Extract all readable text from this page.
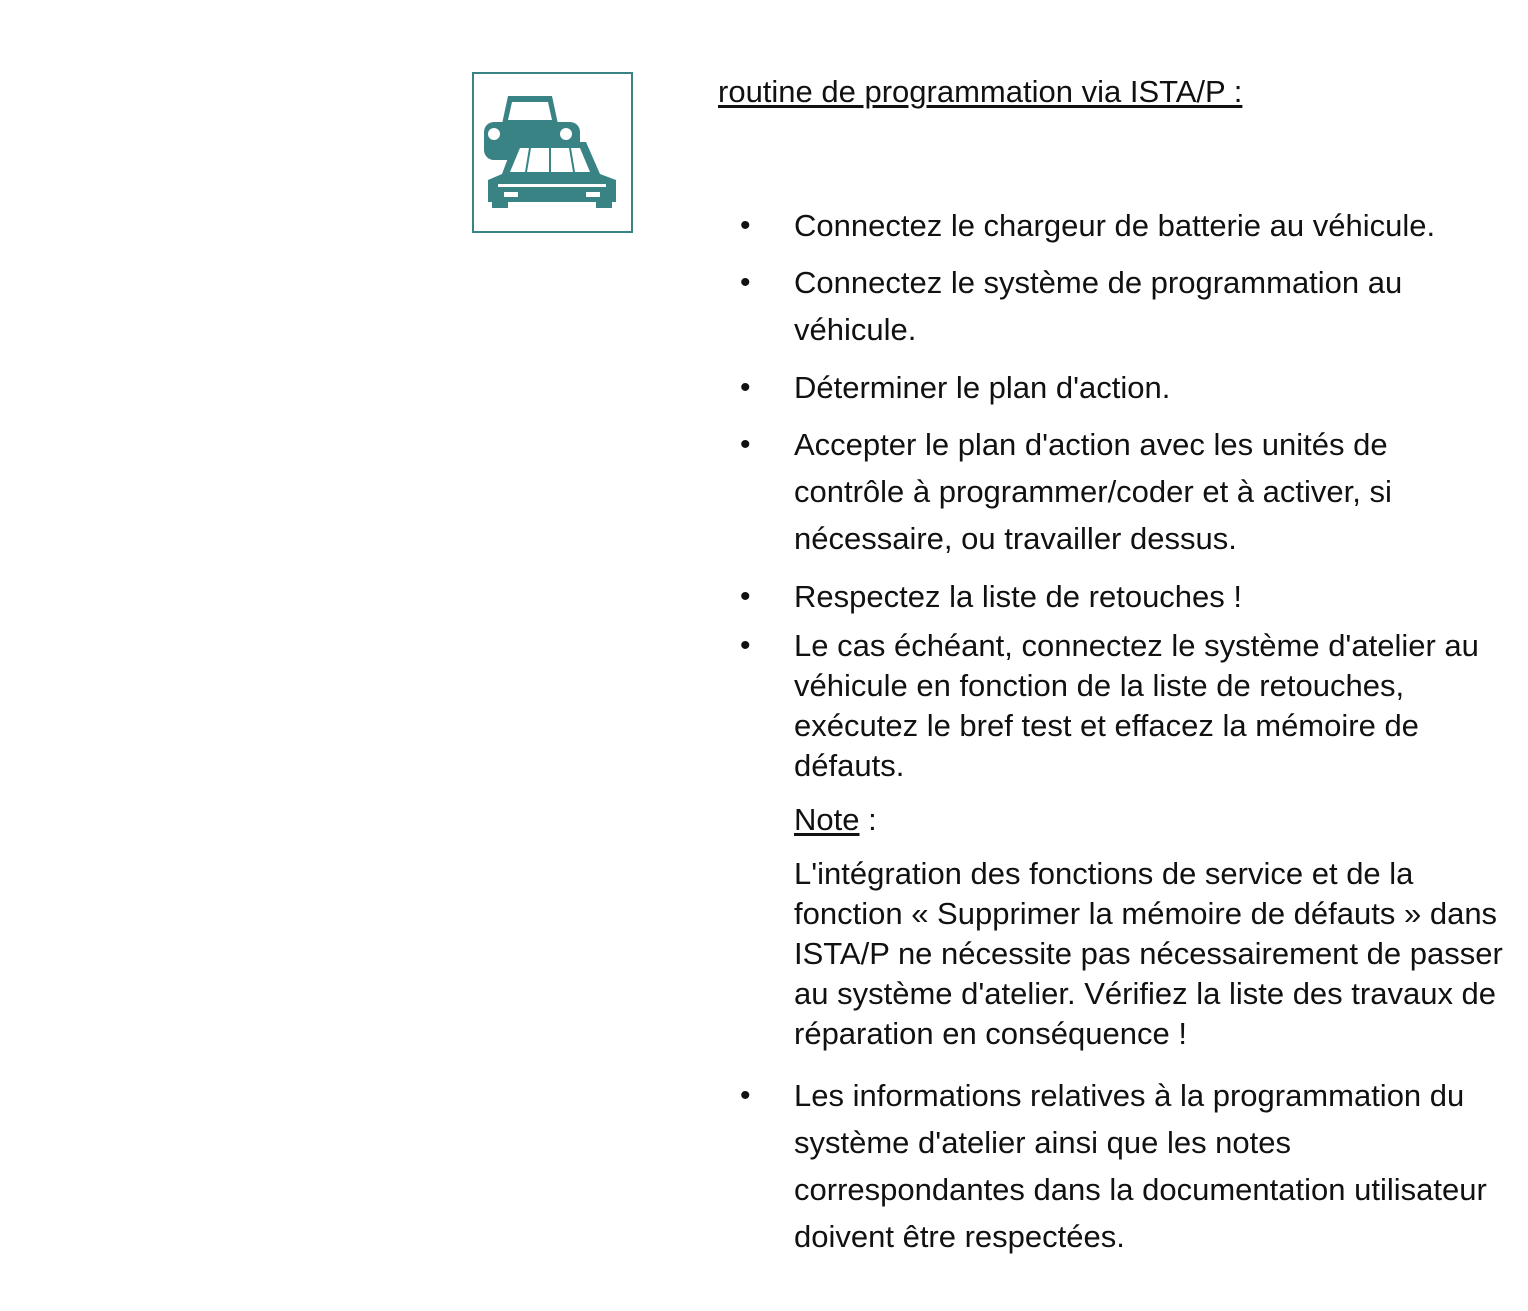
routine de programmation via ISTA/P :
• Connectez le chargeur de batterie au véhicule.
• Connectez le système de programmation au véhicule.
• Déterminer le plan d'action.
• Accepter le plan d'action avec les unités de contrôle à programmer/coder et à activer, si nécessaire, ou travailler dessus.
• Respectez la liste de retouches !
• Le cas échéant, connectez le système d'atelier au véhicule en fonction de la liste de retouches, exécutez le bref test et effacez la mémoire de défauts.
Note :
L'intégration des fonctions de service et de la fonction « Supprimer la mémoire de défauts » dans ISTA/P ne nécessite pas nécessairement de passer au système d'atelier. Vérifiez la liste des travaux de réparation en conséquence !
• Les informations relatives à la programmation du système d'atelier ainsi que les notes correspondantes dans la documentation utilisateur doivent être respectées.
